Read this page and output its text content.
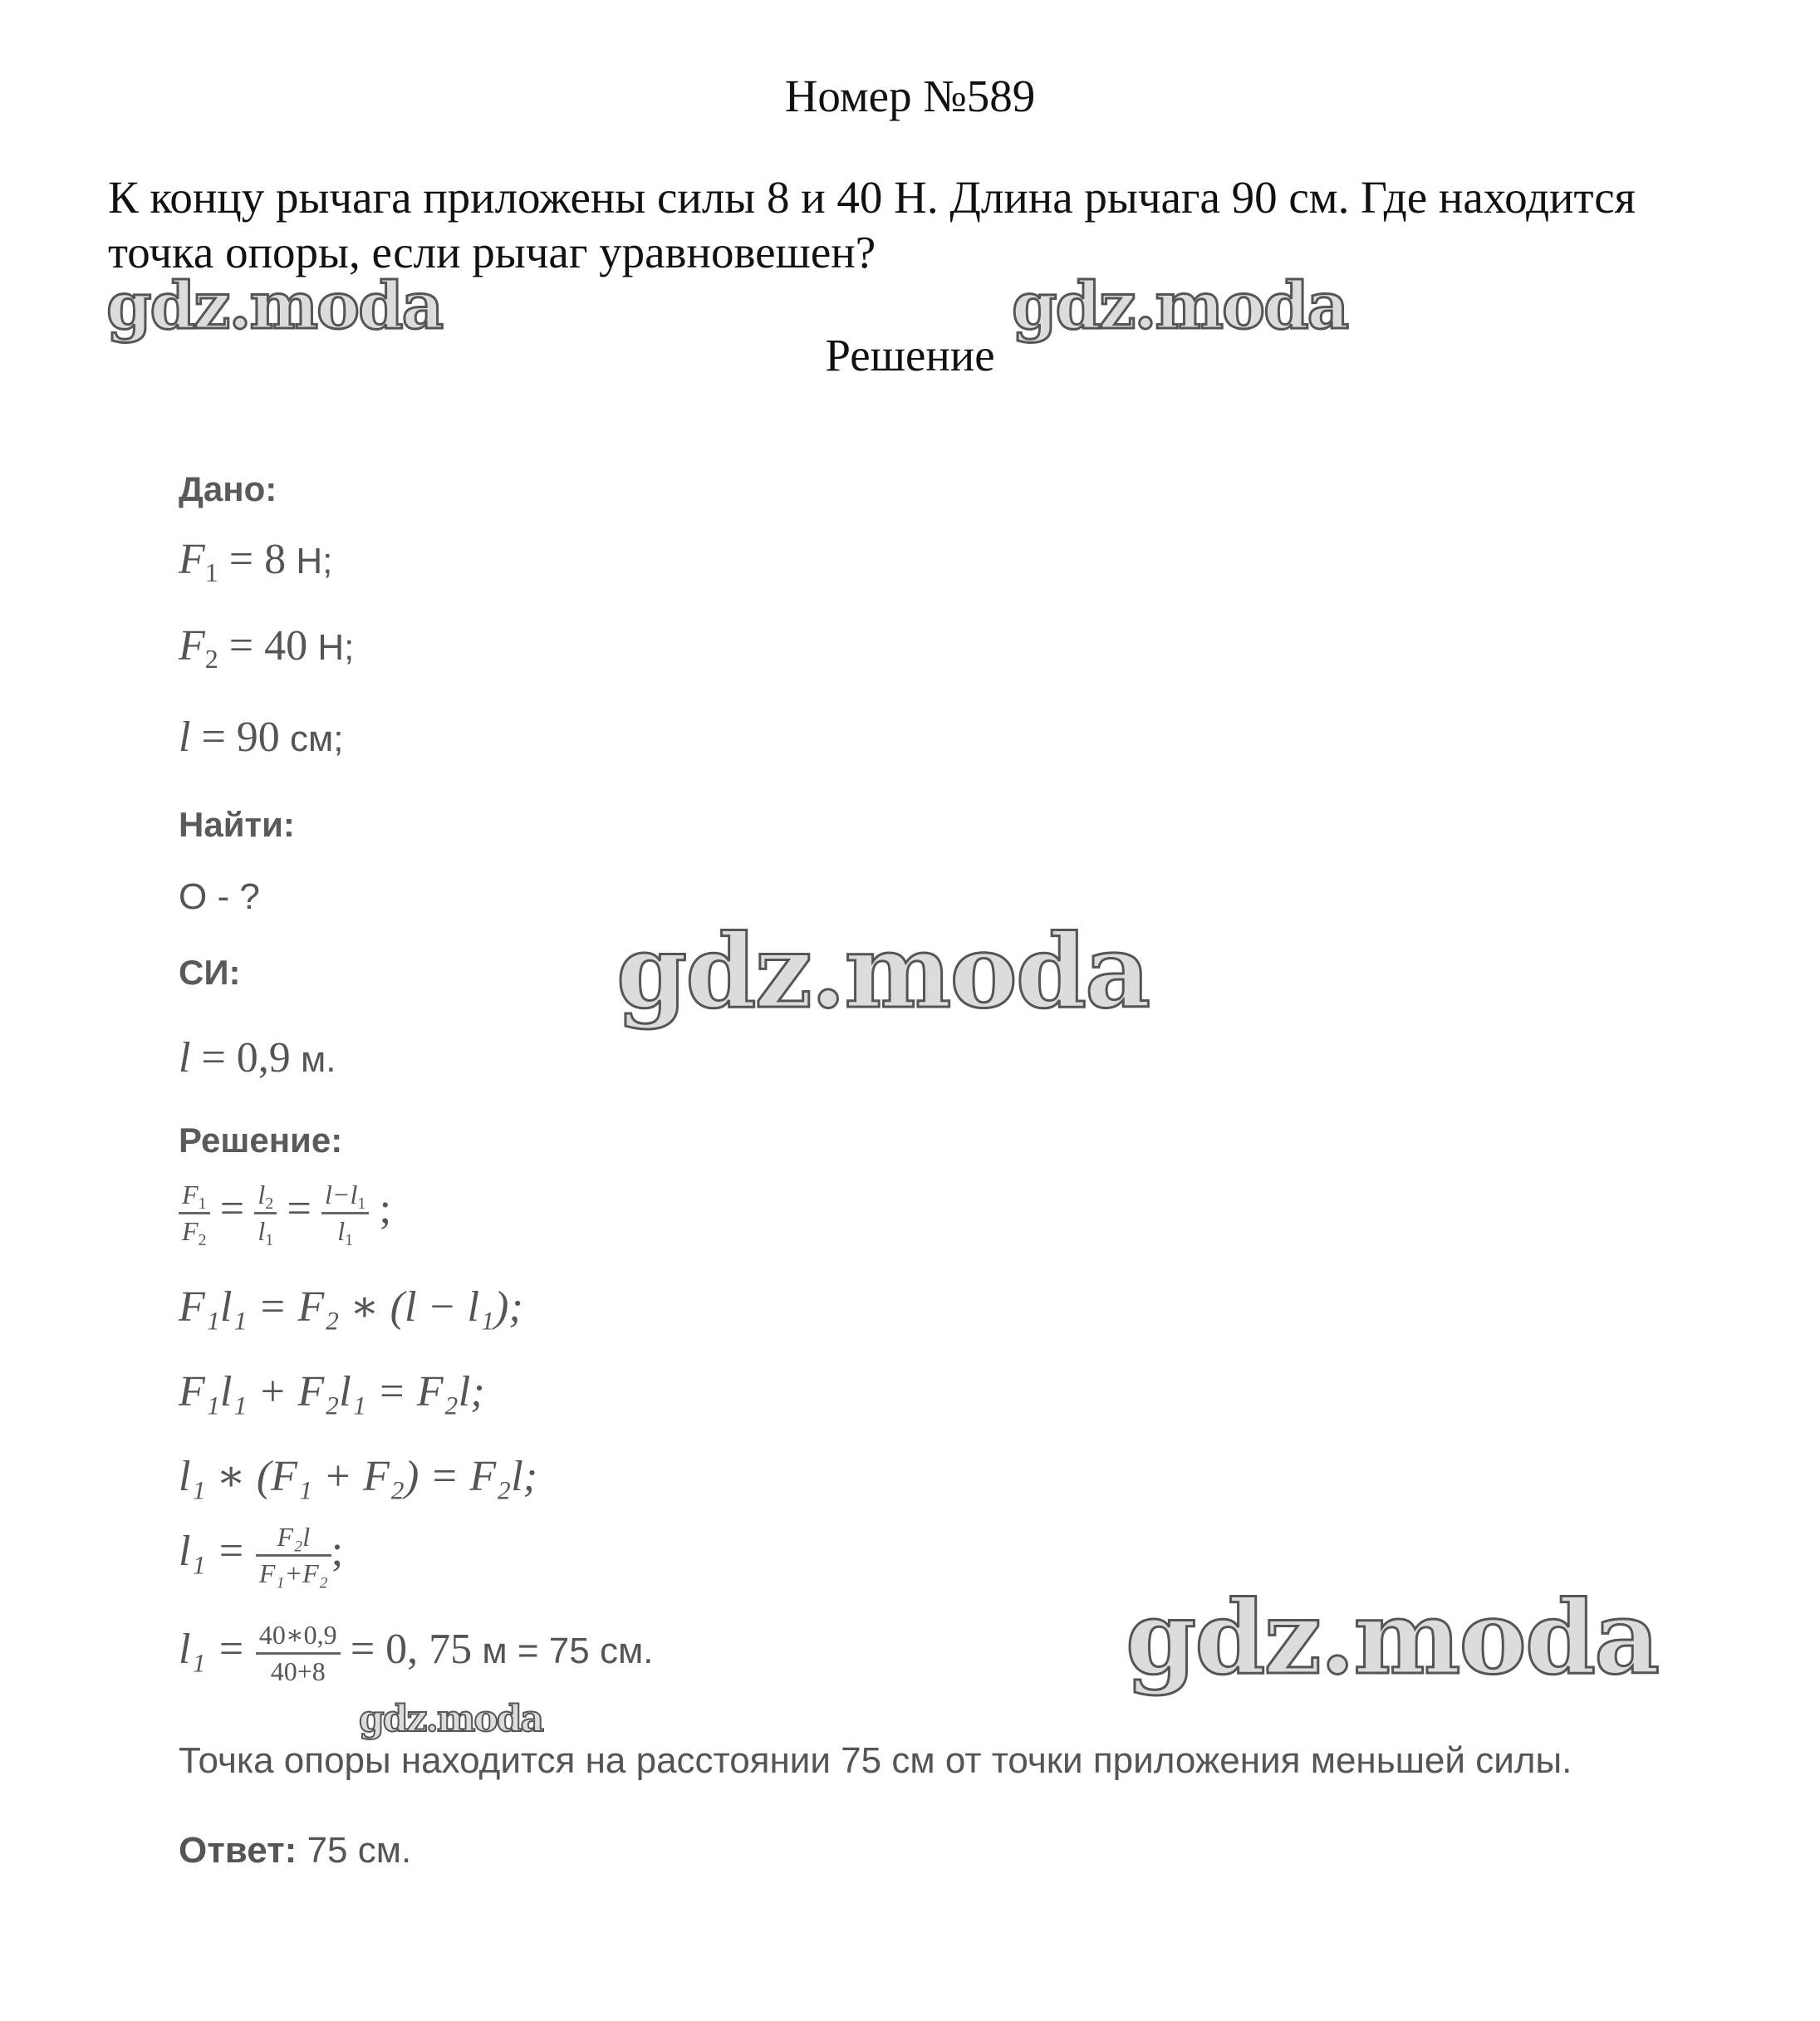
Номер №589

К концу рычага приложены силы 8 и 40 Н. Длина рычага 90 см. Где находится точка опоры, если рычаг уравновешен?

Решение
gdz.moda	gdz.moda
gdz.moda
gdz.moda
gdz.moda
Дано:
$F_1 = 8$ Н;
$F_2 = 40$ Н;
l = 90 см;
Найти:
О - ?
СИ:
l = 0,9 м.
Решение:
$\frac{F_1}{F_2} = \frac{l_2}{l_1} = \frac{l-l_1}{l_1}$ ;
F₁l₁ = F₂ ∗ (l − l₁);
F₁l₁ + F₂l₁ = F₂l;
l₁ ∗ (F₁ + F₂) = F₂l;
$l_1 = \frac{\text{F₂l}}{\text{F₁+F₂}}$ ;
$l_1 = \frac{40∗0,9}{40+8} = 0$, 75 м = 75 см.
Точка опоры находится на расстоянии 75 см от точки приложения меньшей силы.
Ответ: 75 см.
